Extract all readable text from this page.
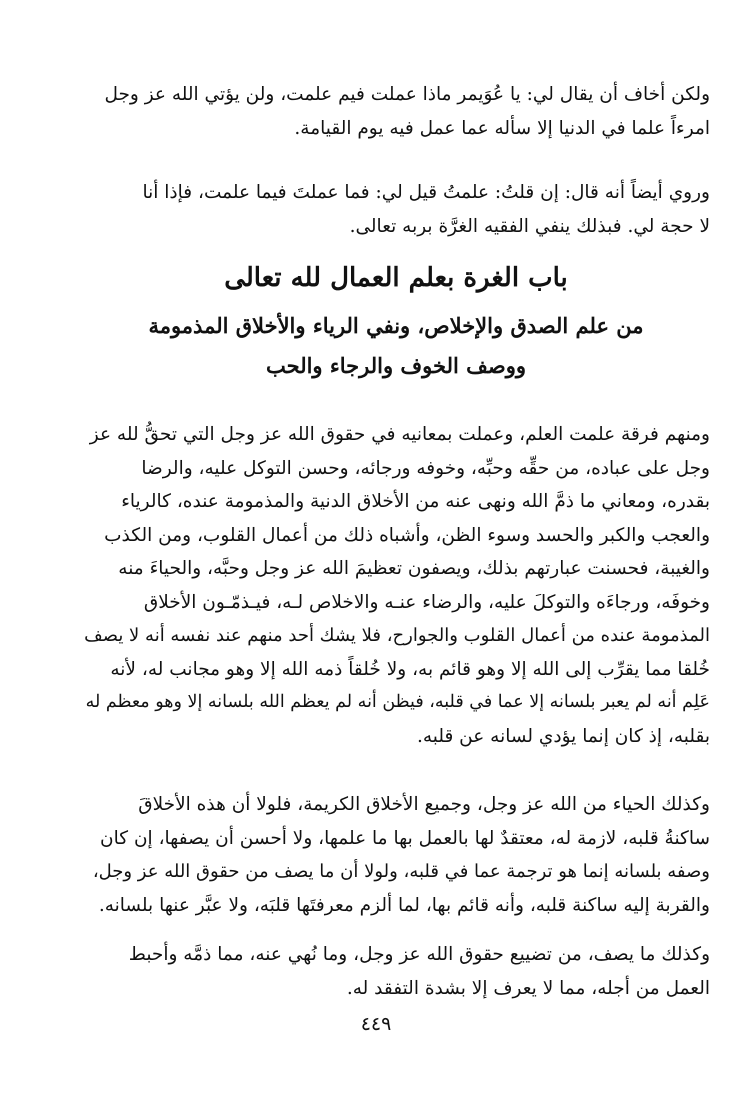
ولكن أخاف أن يقال لي: يا عُوَيمر ماذا عملت فيم علمت، ولن يؤتي الله عز وجل
امرءاً علما في الدنيا إلا سأله عما عمل فيه يوم القيامة.

وروي أيضاً أنه قال: إن قلتُ: علمتُ قيل لي: فما عملتَ فيما علمت، فإذا أنا
لا حجة لي. فبذلك ينفي الفقيه الغرَّة بربه تعالى.

باب الغرة بعلم العمال لله تعالى
من علم الصدق والإخلاص، ونفي الرياء والأخلاق المذمومة
ووصف الخوف والرجاء والحب

ومنهم فرقة علمت العلم، وعملت بمعانيه في حقوق الله عز وجل التي تحقُّ لله عز
وجل على عباده، من حقِّه وحبِّه، وخوفه ورجائه، وحسن التوكل عليه، والرضا
بقدره، ومعاني ما ذمَّ الله ونهى عنه من الأخلاق الدنية والمذمومة عنده، كالرياء
والعجب والكبر والحسد وسوء الظن، وأشباه ذلك من أعمال القلوب، ومن الكذب
والغيبة، فحسنت عبارتهم بذلك، ويصفون تعظيمَ الله عز وجل وحبَّه، والحياءَ منه
وخوفَه، ورجاءَه والتوكلَ عليه، والرضاء عنـه والاخلاص لـه، فيـذمّـون الأخلاق
المذمومة عنده من أعمال القلوب والجوارح، فلا يشك أحد منهم عند نفسه أنه لا يصف
خُلقا مما يقرِّب إلى الله إلا وهو قائم به، ولا خُلقاً ذمه الله إلا وهو مجانب له، لأنه
عَلِم أنه لم يعبر بلسانه إلا عما في قلبه، فيظن أنه لم يعظم الله بلسانه إلا وهو معظم له
بقلبه، إذ كان إنما يؤدي لسانه عن قلبه.

وكذلك الحياء من الله عز وجل، وجميع الأخلاق الكريمة، فلولا أن هذه الأخلاقَ
ساكنةُ قلبه، لازمة له، معتقدٌ لها بالعمل بها ما علمها، ولا أحسن أن يصفها، إن كان
وصفه بلسانه إنما هو ترجمة عما في قلبه، ولولا أن ما يصف من حقوق الله عز وجل،
والقربة إليه ساكنة قلبه، وأنه قائم بها، لما ألزم معرفتَها قلبَه، ولا عبَّر عنها بلسانه.

وكذلك ما يصف، من تضييع حقوق الله عز وجل، وما نُهي عنه، مما ذمَّه وأحبط
العمل من أجله، مما لا يعرف إلا بشدة التفقد له.

٤٤٩
